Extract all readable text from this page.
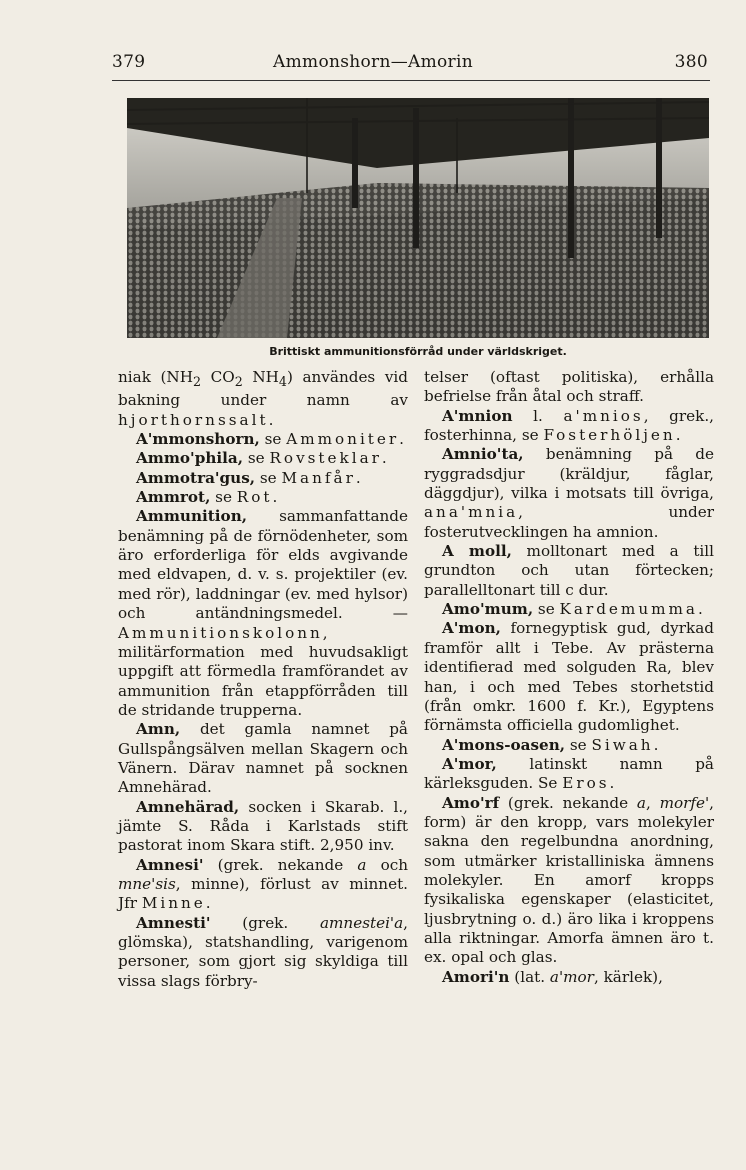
379	Ammonshorn—Amorin	380
Brittiskt ammunitionsförråd under världskriget.

niak ($NH_2$ $CO_2$ $NH_4$) användes vid bakning under namn av hjorthornssalt.

A'mmonshorn, se Ammoniter.

Ammo'phila, se Rovsteklar.

Ammotra'gus, se Manfår.

Ammrot, se Rot.

Ammunition, sammanfattande benämning på de förnödenheter, som äro erforderliga för elds avgivande med eldvapen, d. v. s. projektiler (ev. med rör), laddningar (ev. med hylsor) och antändningsmedel. — Ammunitionskolonn, militärformation med huvudsakligt uppgift att förmedla framförandet av ammunition från etappförråden till de stridande trupperna.

Amn, det gamla namnet på Gullspångsälven mellan Skagern och Vänern. Därav namnet på socknen Amnehärad.

Amnehärad, socken i Skarab. l., jämte S. Råda i Karlstads stift pastorat inom Skara stift. 2,950 inv.

Amnesi' (grek. nekande a och mne'sis, minne), förlust av minnet. Jfr Minne.

Amnesti' (grek. amnestei'a, glömska), statshandling, varigenom personer, som gjort sig skyldiga till vissa slags förbry-

telser (oftast politiska), erhålla befrielse från åtal och straff.

A'mnion l. a'mnios, grek., fosterhinna, se Fosterhöljen.

Amnio'ta, benämning på de ryggradsdjur (kräldjur, fåglar, däggdjur), vilka i motsats till övriga, ana'mnia, under fosterutvecklingen ha amnion.

A moll, molltonart med a till grundton och utan förtecken; parallelltonart till c dur.

Amo'mum, se Kardemumma.

A'mon, fornegyptisk gud, dyrkad framför allt i Tebe. Av prästerna identifierad med solguden Ra, blev han, i och med Tebes storhetstid (från omkr. 1600 f. Kr.), Egyptens förnämsta officiella gudomlighet.

A'mons-oasen, se Siwah.

A'mor, latinskt namn på kärleksguden. Se Eros.

Amo'rf (grek. nekande a, morfe', form) är den kropp, vars molekyler sakna den regelbundna anordning, som utmärker kristalliniska ämnens molekyler. En amorf kropps fysikaliska egenskaper (elasticitet, ljusbrytning o. d.) äro lika i kroppens alla riktningar. Amorfa ämnen äro t. ex. opal och glas.

Amori'n (lat. a'mor, kärlek),
